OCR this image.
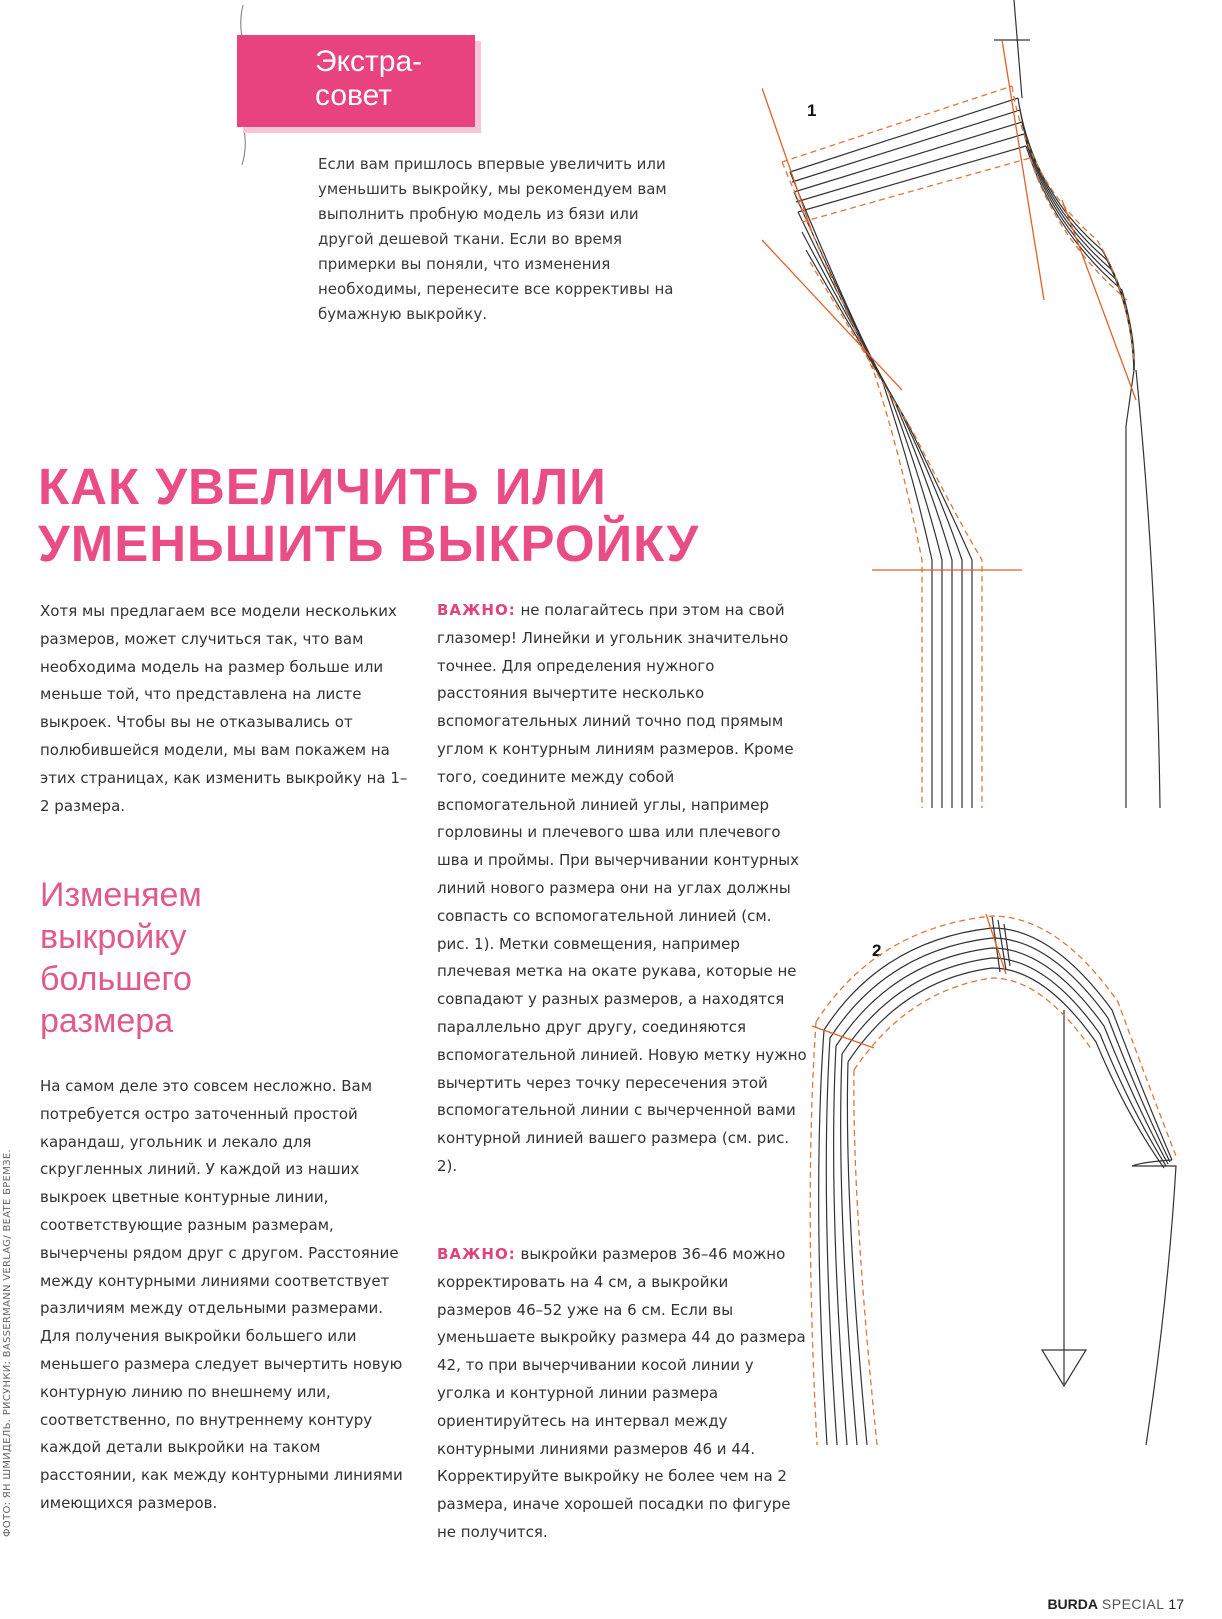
Экстра-
совет
Если вам пришлось впервые увеличить или уменьшить выкройку, мы рекомендуем вам выполнить пробную модель из бязи или другой дешевой ткани. Если во время примерки вы поняли, что изменения необходимы, перенесите все коррективы на бумажную выкройку.
КАК УВЕЛИЧИТЬ ИЛИ УМЕНЬШИТЬ ВЫКРОЙКУ
Хотя мы предлагаем все модели нескольких размеров, может случиться так, что вам необходима модель на размер больше или меньше той, что представлена на листе выкроек. Чтобы вы не отказывались от полюбившейся модели, мы вам покажем на этих страницах, как изменить выкройку на 1–2 размера.
Изменяем выкройку большего размера
На самом деле это совсем несложно. Вам потребуется остро заточенный простой карандаш, угольник и лекало для скругленных линий. У каждой из наших выкроек цветные контурные линии, соответствующие разным размерам, вычерчены рядом друг с другом. Расстояние между контурными линиями соответствует различиям между отдельными размерами. Для получения выкройки большего или меньшего размера следует вычертить новую контурную линию по внешнему или, соответственно, по внутреннему контуру каждой детали выкройки на таком расстоянии, как между контурными линиями имеющихся размеров.
ВАЖНО: не полагайтесь при этом на свой глазомер! Линейки и угольник значительно точнее. Для определения нужного расстояния вычертите несколько вспомогательных линий точно под прямым углом к контурным линиям размеров. Кроме того, соедините между собой вспомогательной линией углы, например горловины и плечевого шва или плечевого шва и проймы. При вычерчивании контурных линий нового размера они на углах должны совпасть со вспомогательной линией (см. рис. 1). Метки совмещения, например плечевая метка на окате рукава, которые не совпадают у разных размеров, а находятся параллельно друг другу, соединяются вспомогательной линией. Новую метку нужно вычертить через точку пересечения этой вспомогательной линии с вычерченной вами контурной линией вашего размера (см. рис. 2).
ВАЖНО: выкройки размеров 36–46 можно корректировать на 4 см, а выкройки размеров 46–52 уже на 6 см. Если вы уменьшаете выкройку размера 44 до размера 42, то при вычерчивании косой линии у уголка и контурной линии размера ориентируйтесь на интервал между контурными линиями размеров 46 и 44. Корректируйте выкройку не более чем на 2 размера, иначе хорошей посадки по фигуре не получится.
1
2
ФОТО: ЯН ШМИДЕЛЬ. РИСУНКИ: BASSERMANN VERLAG/ BEATE БРЕМЗЕ.
BURDA SPECIAL 17
